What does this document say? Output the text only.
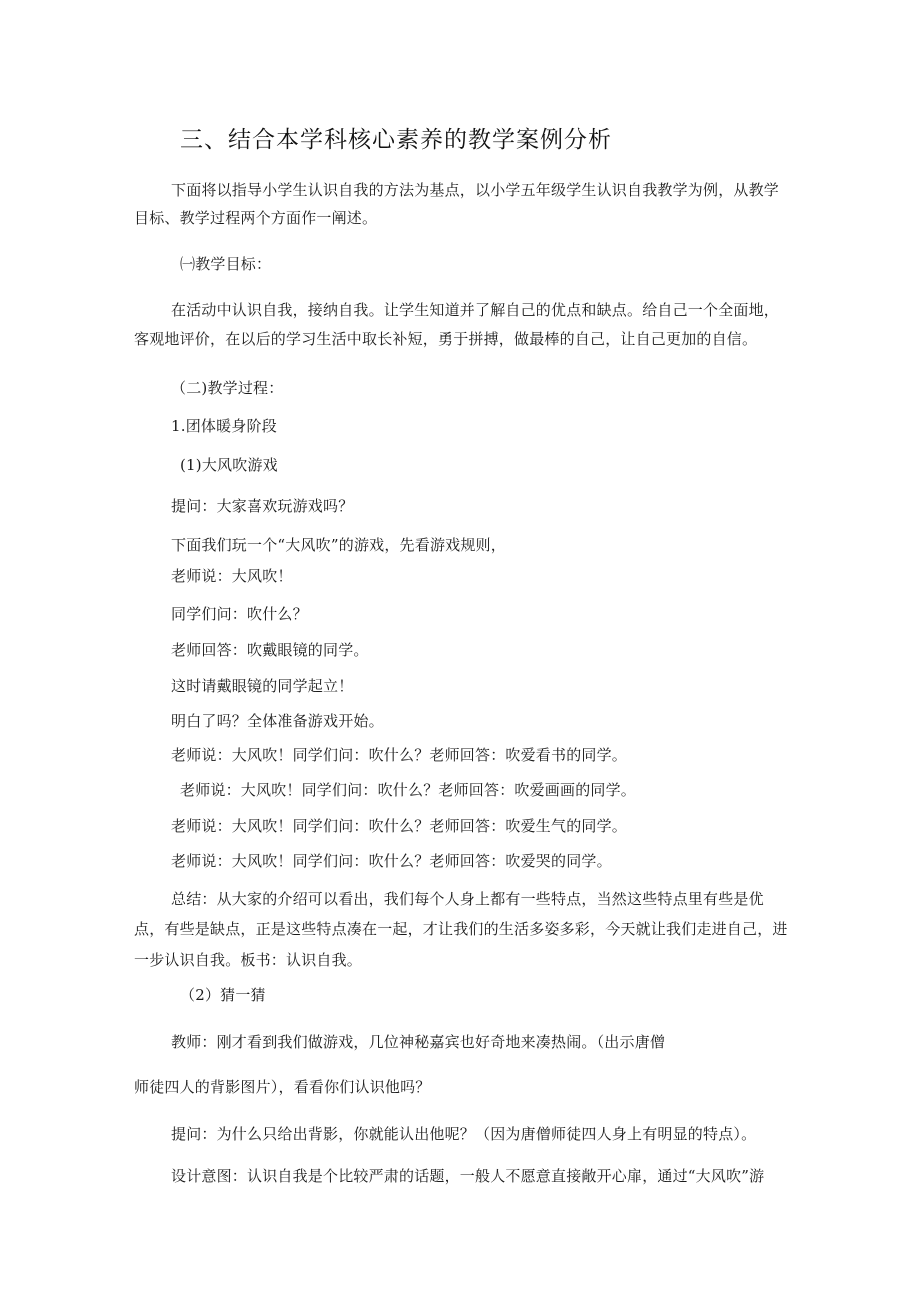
三、结合本学科核心素养的教学案例分析
下面将以指导小学生认识自我的方法为基点，以小学五年级学生认识自我教学为例，从教学
目标、教学过程两个方面作一阐述。
㈠教学目标：
在活动中认识自我，接纳自我。让学生知道并了解自己的优点和缺点。给自己一个全面地，
客观地评价，在以后的学习生活中取长补短，勇于拼搏，做最棒的自己，让自己更加的自信。
（二)教学过程：
1.团体暖身阶段
(1)大风吹游戏
提问：大家喜欢玩游戏吗？
下面我们玩一个“大风吹”的游戏，先看游戏规则，
老师说：大风吹！
同学们问：吹什么？
老师回答：吹戴眼镜的同学。
这时请戴眼镜的同学起立！
明白了吗？全体准备游戏开始。
老师说：大风吹！同学们问：吹什么？老师回答：吹爱看书的同学。
老师说：大风吹！同学们问：吹什么？老师回答：吹爱画画的同学。
老师说：大风吹！同学们问：吹什么？老师回答：吹爱生气的同学。
老师说：大风吹！同学们问：吹什么？老师回答：吹爱哭的同学。
总结：从大家的介绍可以看出，我们每个人身上都有一些特点，当然这些特点里有些是优
点，有些是缺点，正是这些特点凑在一起，才让我们的生活多姿多彩，今天就让我们走进自己，进
一步认识自我。板书：认识自我。
（2）猜一猜
教师：刚才看到我们做游戏，几位神秘嘉宾也好奇地来凑热闹。（出示唐僧
师徒四人的背影图片），看看你们认识他吗？
提问：为什么只给出背影，你就能认出他呢？（因为唐僧师徒四人身上有明显的特点）。
设计意图：认识自我是个比较严肃的话题，一般人不愿意直接敞开心扉，通过“大风吹”游
